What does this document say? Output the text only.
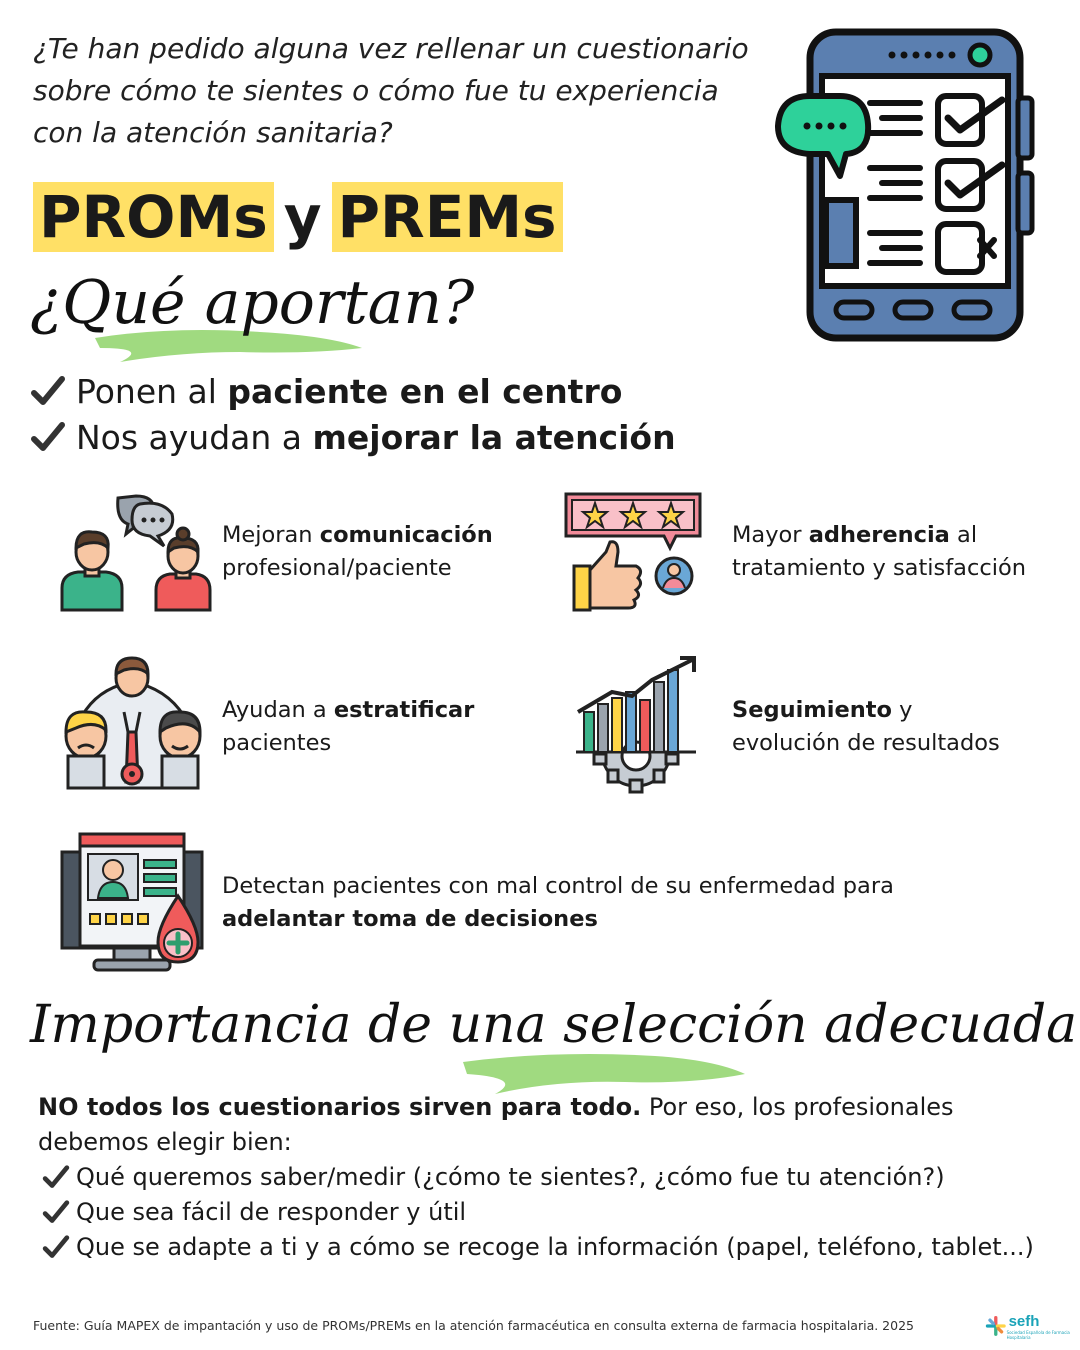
¿Te han pedido alguna vez rellenar un cuestionario sobre cómo te sientes o cómo fue tu experiencia con la atención sanitaria?

PROMs y PREMs
¿Qué aportan?
Ponen al paciente en el centro
Nos ayudan a mejorar la atención
Mejoran comunicación
profesional/paciente
Mayor adherencia al
tratamiento y satisfacción
Ayudan a estratificar
pacientes
Seguimiento y
evolución de resultados
Detectan pacientes con mal control de su enfermedad para
adelantar toma de decisiones
Importancia de una selección adecuada

NO todos los cuestionarios sirven para todo. Por eso, los profesionales debemos elegir bien:

Qué queremos saber/medir (¿cómo te sientes?, ¿cómo fue tu atención?)
Que sea fácil de responder y útil
Que se adapte a ti y a cómo se recoge la información (papel, teléfono, tablet...)
Fuente: Guía MAPEX de impantación y uso de PROMs/PREMs en la atención farmacéutica en consulta externa de farmacia hospitalaria. 2025	sefh
Sociedad Española de Farmacia Hospitalaria
